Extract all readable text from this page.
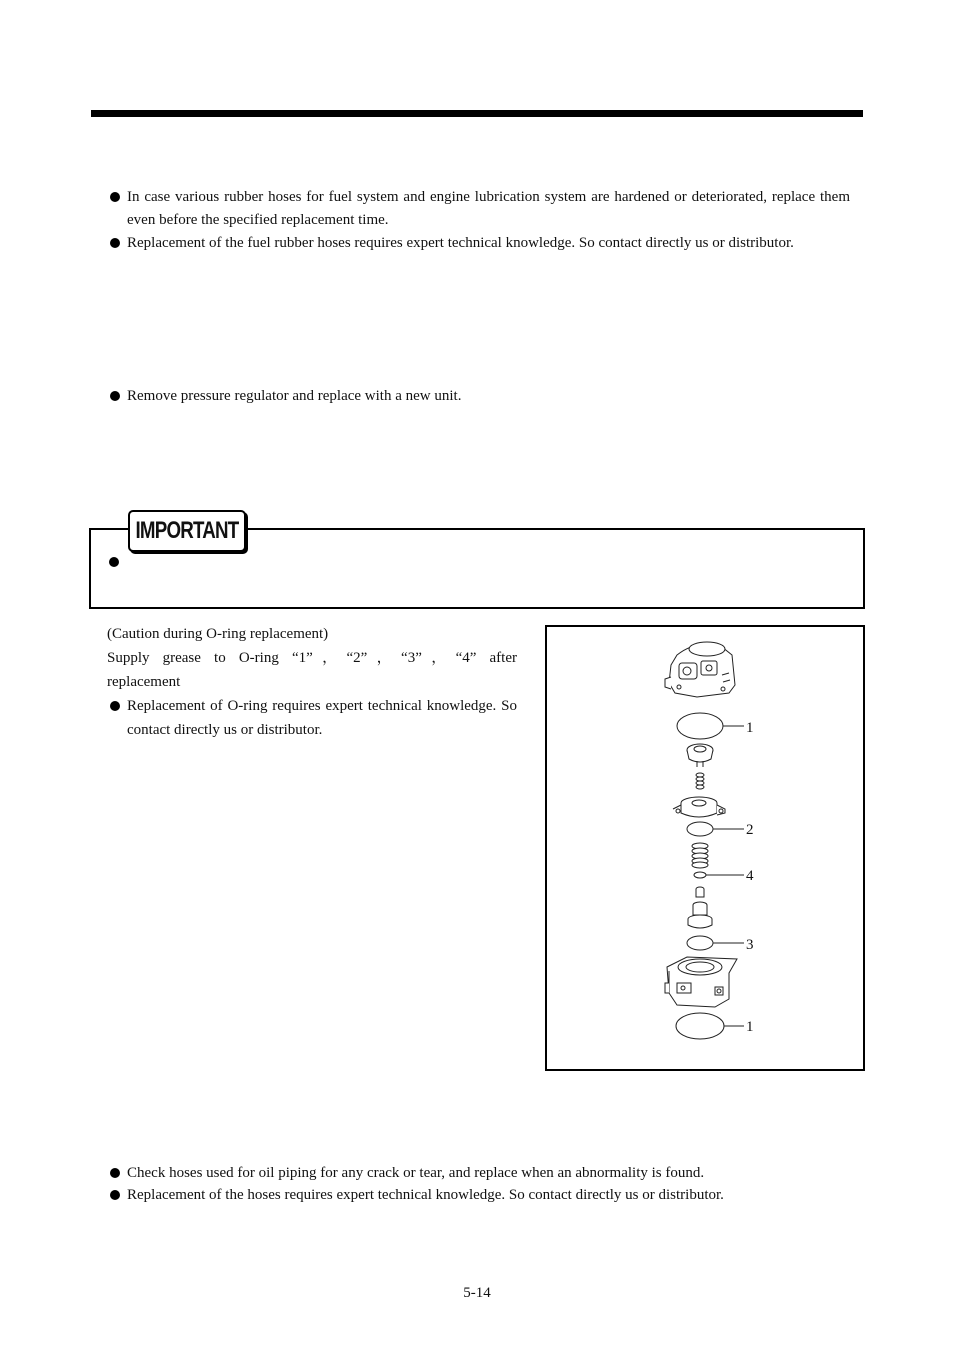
In case various rubber hoses for fuel system and engine lubrication system are hardened or deteriorated, replace them even before the specified replacement time.
Replacement of the fuel rubber hoses requires expert technical knowledge. So contact directly us or distributor.
Remove pressure regulator and replace with a new unit.
IMPORTANT

(Caution during O-ring replacement)

Supply grease to O-ring “1”，“2”，“3”，“4” after

replacement

Replacement of O-ring requires expert technical knowledge. So contact directly us or distributor.	1
2
4
3
1
Check hoses used for oil piping for any crack or tear, and replace when an abnormality is found.
Replacement of the hoses requires expert technical knowledge. So contact directly us or distributor.
5-14
